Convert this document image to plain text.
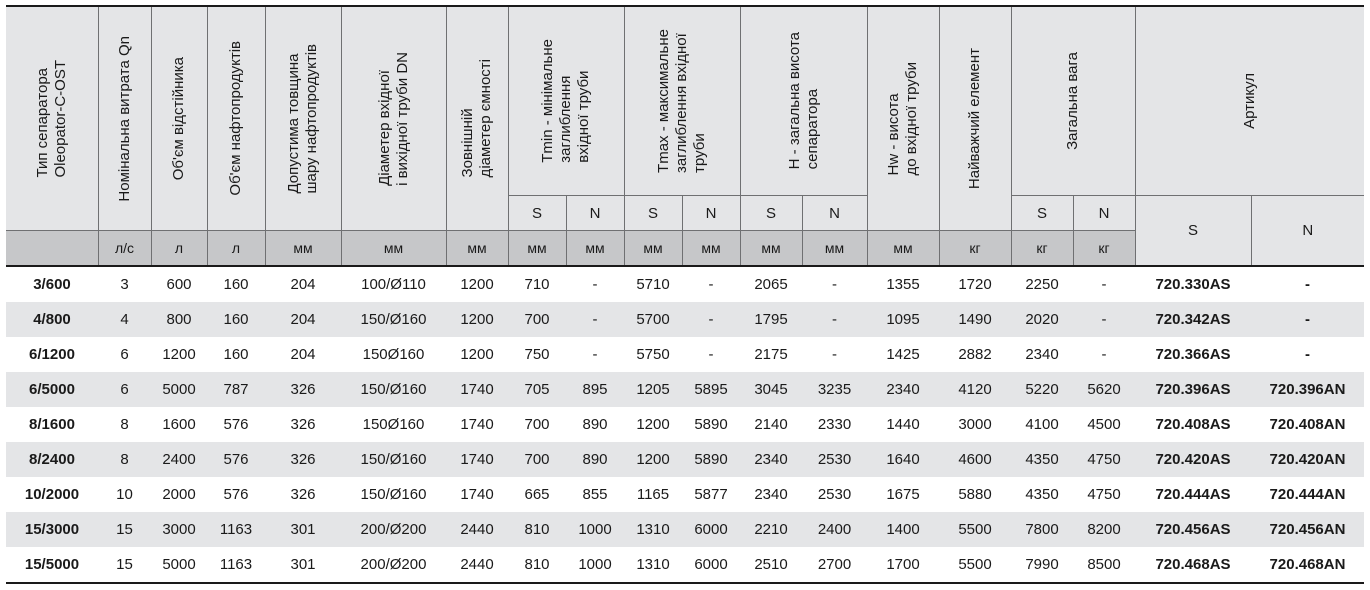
Тип сепаратора
Oleopator-C-OST	Номінальна витрата Qn	Об'єм відстійника	Об'єм нафтопродуктів	Допустима товщина
шару нафтопродуктів	Діаметер вхідної
і вихідної труби DN	Зовнішній
діаметер ємності	Tmin - мінімальне
заглиблення
вхідної труби		Tmax - максимальне
заглиблення вхідної
труби		H - загальна висота
сепаратора		Hw - висота
до вхідної труби	Найважчий елемент	Загальна вага		Артикул	

							S	N	S	N	S	N			S	N	S	N
	л/с	л	л	мм	мм	мм	мм	мм	мм	мм	мм	мм	мм	кг	кг	кг		
3/600	3	600	160	204	100/Ø110	1200	710	-	5710	-	2065	-	1355	1720	2250	-	720.330AS	-
4/800	4	800	160	204	150/Ø160	1200	700	-	5700	-	1795	-	1095	1490	2020	-	720.342AS	-
6/1200	6	1200	160	204	150Ø160	1200	750	-	5750	-	2175	-	1425	2882	2340	-	720.366AS	-
6/5000	6	5000	787	326	150/Ø160	1740	705	895	1205	5895	3045	3235	2340	4120	5220	5620	720.396AS	720.396AN
8/1600	8	1600	576	326	150Ø160	1740	700	890	1200	5890	2140	2330	1440	3000	4100	4500	720.408AS	720.408AN
8/2400	8	2400	576	326	150/Ø160	1740	700	890	1200	5890	2340	2530	1640	4600	4350	4750	720.420AS	720.420AN
10/2000	10	2000	576	326	150/Ø160	1740	665	855	1165	5877	2340	2530	1675	5880	4350	4750	720.444AS	720.444AN
15/3000	15	3000	1163	301	200/Ø200	2440	810	1000	1310	6000	2210	2400	1400	5500	7800	8200	720.456AS	720.456AN
15/5000	15	5000	1163	301	200/Ø200	2440	810	1000	1310	6000	2510	2700	1700	5500	7990	8500	720.468AS	720.468AN
